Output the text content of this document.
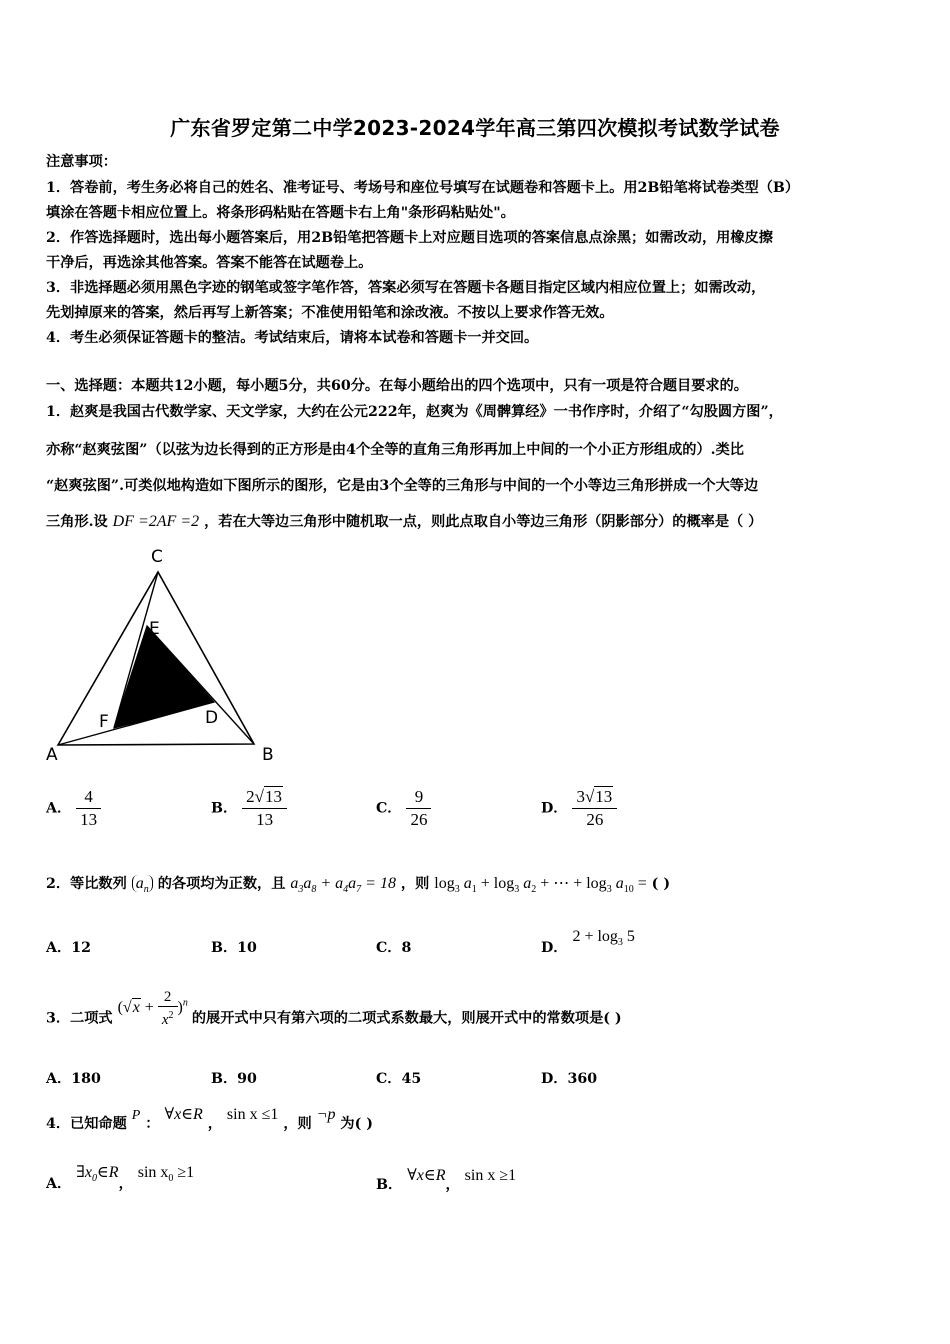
广东省罗定第二中学2023-2024学年高三第四次模拟考试数学试卷
注意事项：
1．答卷前，考生务必将自己的姓名、准考证号、考场号和座位号填写在试题卷和答题卡上。用2B铅笔将试卷类型（B）
填涂在答题卡相应位置上。将条形码粘贴在答题卡右上角"条形码粘贴处"。
2．作答选择题时，选出每小题答案后，用2B铅笔把答题卡上对应题目选项的答案信息点涂黑；如需改动，用橡皮擦
干净后，再选涂其他答案。答案不能答在试题卷上。
3．非选择题必须用黑色字迹的钢笔或签字笔作答，答案必须写在答题卡各题目指定区域内相应位置上；如需改动，
先划掉原来的答案，然后再写上新答案；不准使用铅笔和涂改液。不按以上要求作答无效。
4．考生必须保证答题卡的整洁。考试结束后，请将本试卷和答题卡一并交回。
一、选择题：本题共12小题，每小题5分，共60分。在每小题给出的四个选项中，只有一项是符合题目要求的。
1．赵爽是我国古代数学家、天文学家，大约在公元222年，赵爽为《周髀算经》一书作序时，介绍了“勾股圆方图”，
亦称“赵爽弦图”（以弦为边长得到的正方形是由4个全等的直角三角形再加上中间的一个小正方形组成的）.类比
“赵爽弦图”.可类似地构造如下图所示的图形，它是由3个全等的三角形与中间的一个小等边三角形拼成一个大等边
三角形.设 DF =2AF =2 ，若在大等边三角形中随机取一点，则此点取自小等边三角形（阴影部分）的概率是（ ）
C
E
D
F
A	B
A． $\frac{4}{13}$	B． $\frac{2√13}{13}$	C． $\frac{9}{26}$	D． $\frac{3√13}{26}$
2．等比数列 $a_n$ 的各项均为正数，且 $a_3a_8 + a_4a_7 = 18$ ，则 $\log_3 a_1 + \log_3 a_2$ + ⋯ + $\log_3 a_{10}$ = ( )
A．12	B．10	C．8	D． $2 + \log_3 5$
3．二项式 $(√x + \frac{2}{x^2} )^n$ 的展开式中只有第六项的二项式系数最大，则展开式中的常数项是( )
A．180	B．90	C．45	D．360
4．已知命题 P ： ∀x∈R ， sin x ≤1 ，则 ¬p 为( )
A． $\exists x_0\in R$， $\sin x_0 \ge 1$
B． ∀x∈R， sin x ≥1
